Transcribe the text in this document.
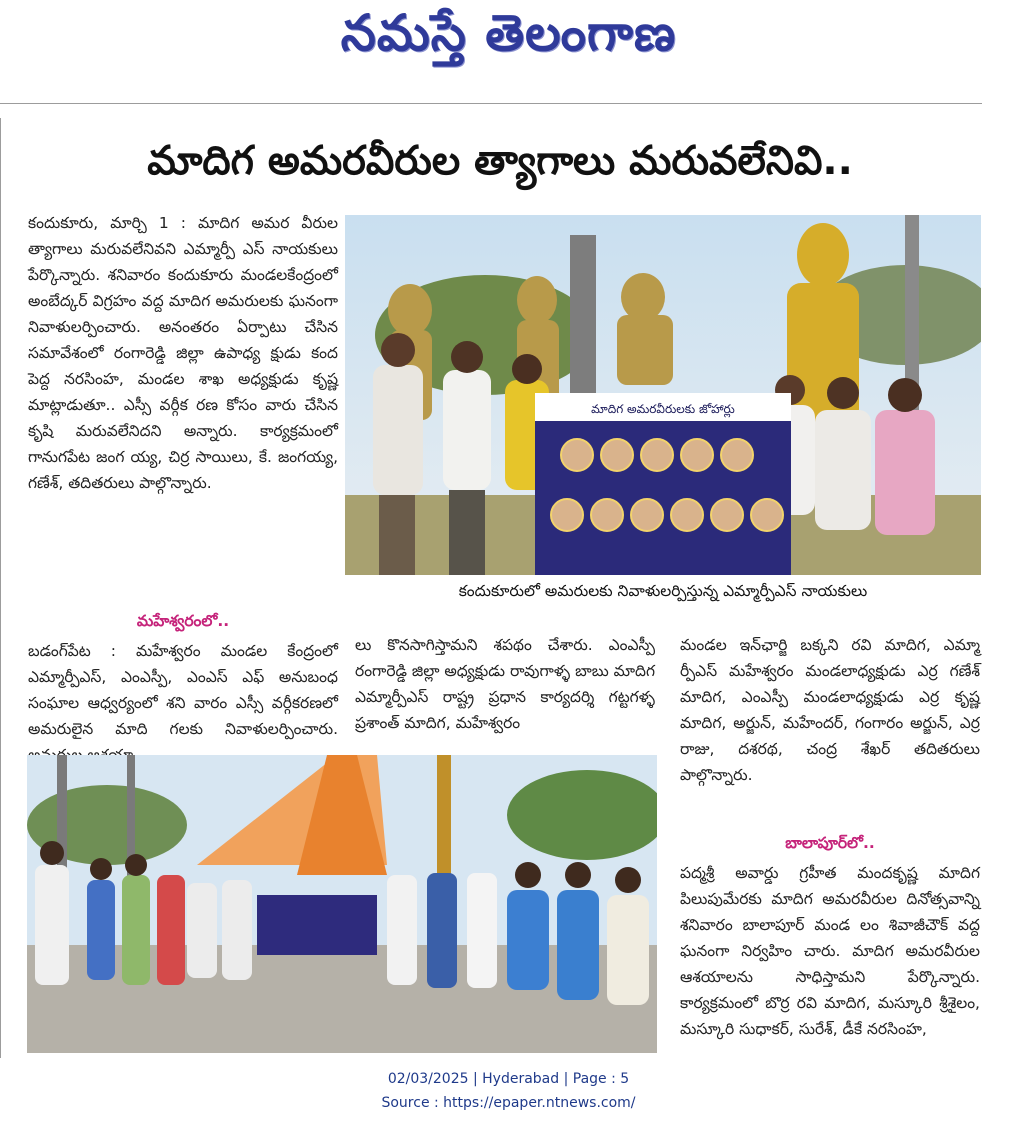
నమస్తే తెలంగాణ
మాదిగ అమరవీరుల త్యాగాలు మరువలేనివి..

కందుకూరు, మార్చి 1 : మాదిగ అమర వీరుల త్యాగాలు మరువలేనివని ఎమ్మార్పీ ఎస్ నాయకులు పేర్కొన్నారు. శనివారం కందుకూరు మండలకేంద్రంలో అంబేద్కర్ విగ్రహం వద్ద మాదిగ అమరులకు ఘనంగా నివాళులర్పించారు. అనంతరం ఏర్పాటు చేసిన సమావేశంలో రంగారెడ్డి జిల్లా ఉపాధ్య క్షుడు కంద పెద్ద నరసింహ, మండల శాఖ అధ్యక్షుడు కృష్ణ మాట్లాడుతూ.. ఎస్సీ వర్గీక రణ కోసం వారు చేసిన కృషి మరువలేనిదని అన్నారు. కార్యక్రమంలో గానుగపేట జంగ య్య, చిర్ర సాయిలు, కే. జంగయ్య, గణేశ్, తదితరులు పాల్గొన్నారు.

మాదిగ అమరవీరులకు జోహార్లు
కందుకూరులో అమరులకు నివాళులర్పిస్తున్న ఎమ్మార్పీఎస్ నాయకులు

మహేశ్వరంలో..

బడంగ్‌పేట : మహేశ్వరం మండల కేంద్రంలో ఎమ్మార్పీఎస్, ఎంఎస్పీ, ఎంఎస్ ఎఫ్ అనుబంధ సంఘాల ఆధ్వర్యంలో శని వారం ఎస్సీ వర్గీకరణలో అమరులైన మాది గలకు నివాళులర్పించారు.

లు కొనసాగిస్తామని శపథం చేశారు. ఎంఎస్పీ రంగారెడ్డి జిల్లా అధ్యక్షుడు రావుగాళ్ళ బాబు మాదిగ ఎమ్మార్పీఎస్ రాష్ట్ర ప్రధాన కార్యదర్శి గట్టగళ్ళ ప్రశాంత్ మాదిగ, మహేశ్వరం

మండల ఇన్‌ఛార్జి బక్కని రవి మాదిగ, ఎమ్మా ర్పీఎస్ మహేశ్వరం మండలాధ్యక్షుడు ఎర్ర గణేశ్ మాదిగ, ఎంఎస్పీ మండలాధ్యక్షుడు ఎర్ర కృష్ణ మాదిగ, అర్జున్, మహేందర్, గంగారం అర్జున్, ఎర్ర రాజు, దశరథ, చంద్ర శేఖర్ తదితరులు పాల్గొన్నారు.

బాలాపూర్‌లో..

పద్మశ్రీ అవార్డు గ్రహీత మందకృష్ణ మాదిగ పిలుపుమేరకు మాదిగ అమరవీరుల దినోత్సవాన్ని శనివారం బాలాపూర్ మండ లం శివాజీచౌక్ వద్ద ఘనంగా నిర్వహిం చారు. మాదిగ అమరవీరుల ఆశయాలను సాధిస్తామని పేర్కొన్నారు. కార్యక్రమంలో బొర్ర రవి మాదిగ, మస్కూరి శ్రీశైలం, మస్కూరి సుధాకర్, సురేశ్, డీకే నరసింహ,

02/03/2025 | Hyderabad | Page : 5
Source : https://epaper.ntnews.com/
